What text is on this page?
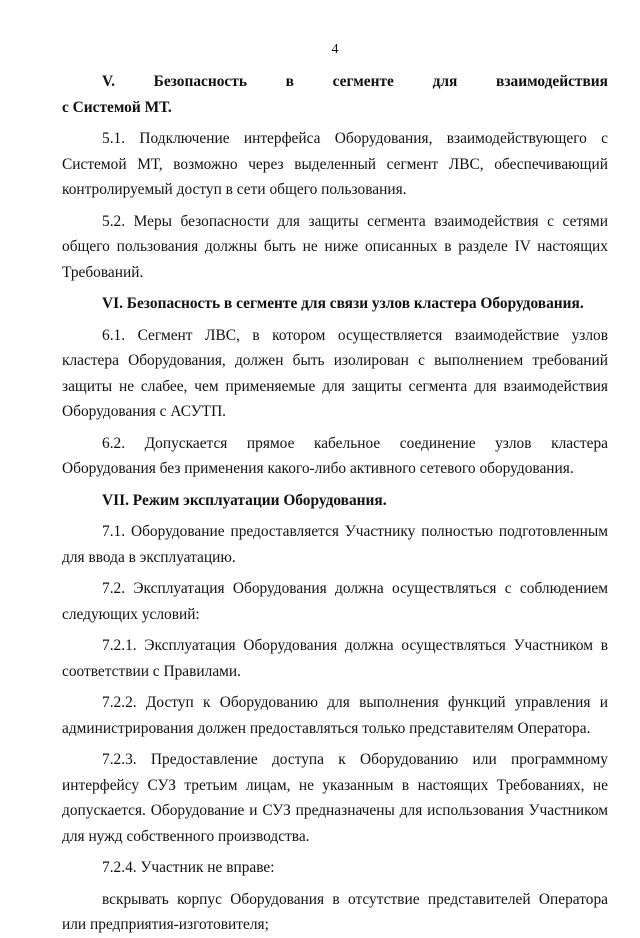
4
V. Безопасность в сегменте для взаимодействия
с Системой МТ.

5.1. Подключение интерфейса Оборудования, взаимодействующего с Системой МТ, возможно через выделенный сегмент ЛВС, обеспечивающий контролируемый доступ в сети общего пользования.

5.2. Меры безопасности для защиты сегмента взаимодействия с сетями общего пользования должны быть не ниже описанных в разделе IV настоящих Требований.

VI. Безопасность в сегменте для связи узлов кластера Оборудования.

6.1. Сегмент ЛВС, в котором осуществляется взаимодействие узлов кластера Оборудования, должен быть изолирован с выполнением требований защиты не слабее, чем применяемые для защиты сегмента для взаимодействия Оборудования с АСУТП.

6.2. Допускается прямое кабельное соединение узлов кластера Оборудования без применения какого-либо активного сетевого оборудования.

VII. Режим эксплуатации Оборудования.

7.1. Оборудование предоставляется Участнику полностью подготовленным для ввода в эксплуатацию.

7.2. Эксплуатация Оборудования должна осуществляться с соблюдением следующих условий:

7.2.1. Эксплуатация Оборудования должна осуществляться Участником в соответствии с Правилами.

7.2.2. Доступ к Оборудованию для выполнения функций управления и администрирования должен предоставляться только представителям Оператора.

7.2.3. Предоставление доступа к Оборудованию или программному интерфейсу СУЗ третьим лицам, не указанным в настоящих Требованиях, не допускается. Оборудование и СУЗ предназначены для использования Участником для нужд собственного производства.

7.2.4. Участник не вправе:

вскрывать корпус Оборудования в отсутствие представителей Оператора или предприятия-изготовителя;
